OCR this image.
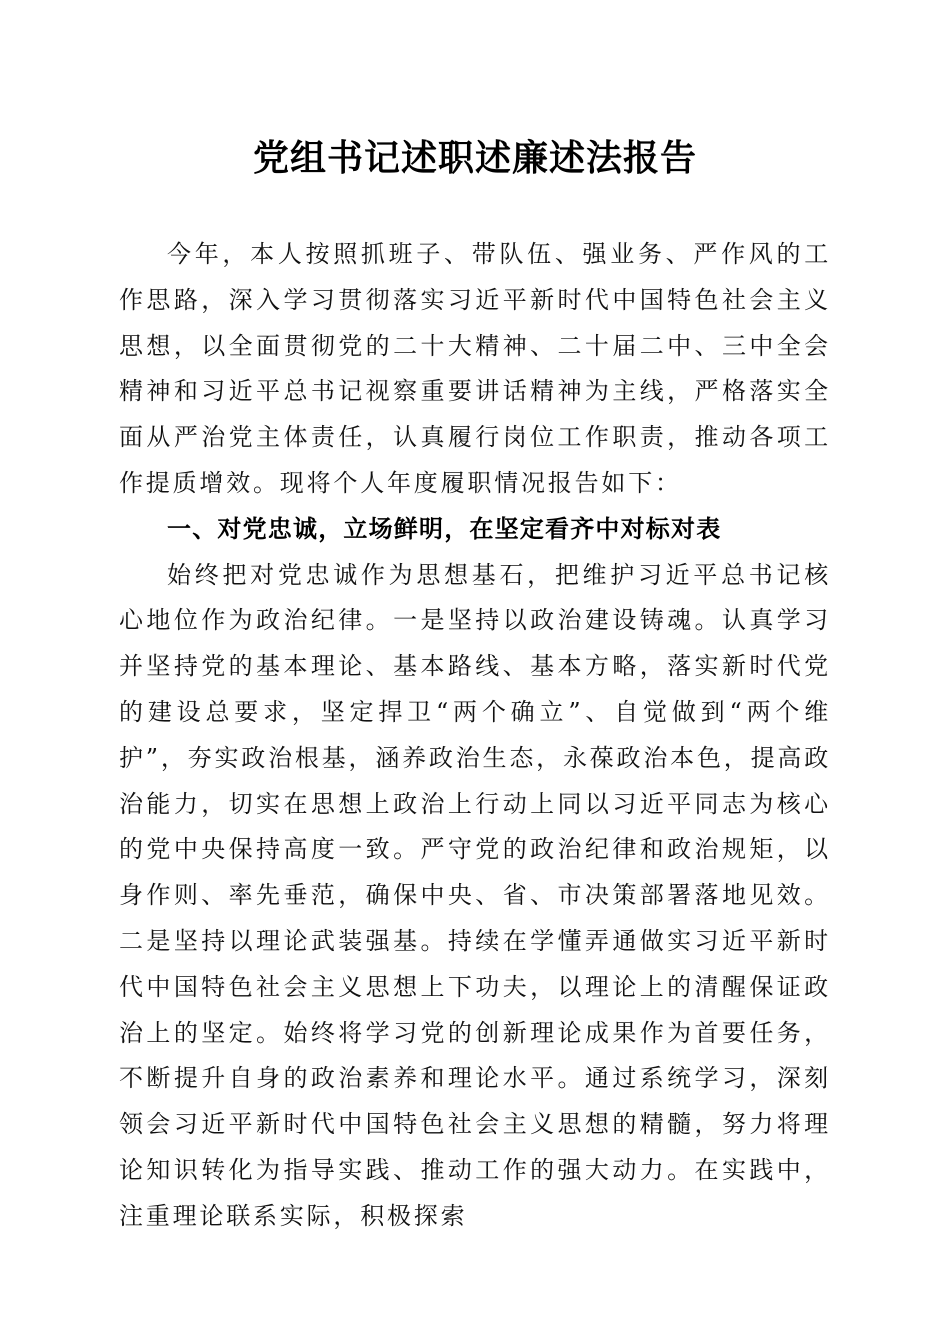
党组书记述职述廉述法报告

今年，本人按照抓班子、带队伍、强业务、严作风的工作思路，深入学习贯彻落实习近平新时代中国特色社会主义思想，以全面贯彻党的二十大精神、二十届二中、三中全会精神和习近平总书记视察重要讲话精神为主线，严格落实全面从严治党主体责任，认真履行岗位工作职责，推动各项工作提质增效。现将个人年度履职情况报告如下：

一、对党忠诚，立场鲜明，在坚定看齐中对标对表

始终把对党忠诚作为思想基石，把维护习近平总书记核心地位作为政治纪律。一是坚持以政治建设铸魂。认真学习并坚持党的基本理论、基本路线、基本方略，落实新时代党的建设总要求，坚定捍卫“两个确立”、自觉做到“两个维护”，夯实政治根基，涵养政治生态，永葆政治本色，提高政治能力，切实在思想上政治上行动上同以习近平同志为核心的党中央保持高度一致。严守党的政治纪律和政治规矩，以身作则、率先垂范，确保中央、省、市决策部署落地见效。二是坚持以理论武装强基。持续在学懂弄通做实习近平新时代中国特色社会主义思想上下功夫，以理论上的清醒保证政治上的坚定。始终将学习党的创新理论成果作为首要任务，不断提升自身的政治素养和理论水平。通过系统学习，深刻领会习近平新时代中国特色社会主义思想的精髓，努力将理论知识转化为指导实践、推动工作的强大动力。在实践中，注重理论联系实际，积极探索
